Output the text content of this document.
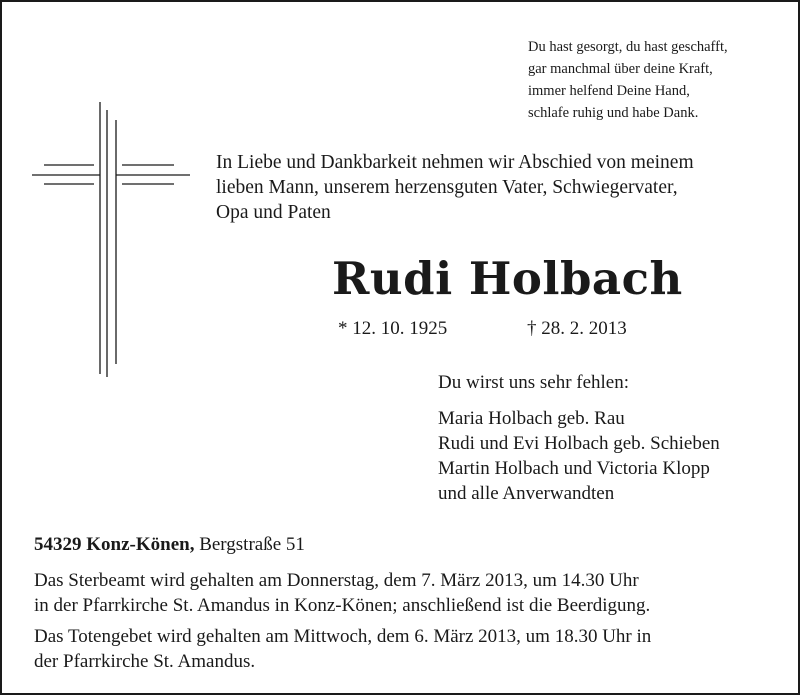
Du hast gesorgt, du hast geschafft,
gar manchmal über deine Kraft,
immer helfend Deine Hand,
schlafe ruhig und habe Dank.
In Liebe und Dankbarkeit nehmen wir Abschied von meinem
lieben Mann, unserem herzensguten Vater, Schwiegervater,
Opa und Paten
Rudi Holbach
* 12. 10. 1925	† 28. 2. 2013
Du wirst uns sehr fehlen:
Maria Holbach geb. Rau
Rudi und Evi Holbach geb. Schieben
Martin Holbach und Victoria Klopp
und alle Anverwandten
54329 Konz-Könen, Bergstraße 51
Das Sterbeamt wird gehalten am Donnerstag, dem 7. März 2013, um 14.30 Uhr
in der Pfarrkirche St. Amandus in Konz-Könen; anschließend ist die Beerdigung.
Das Totengebet wird gehalten am Mittwoch, dem 6. März 2013, um 18.30 Uhr in
der Pfarrkirche St. Amandus.
